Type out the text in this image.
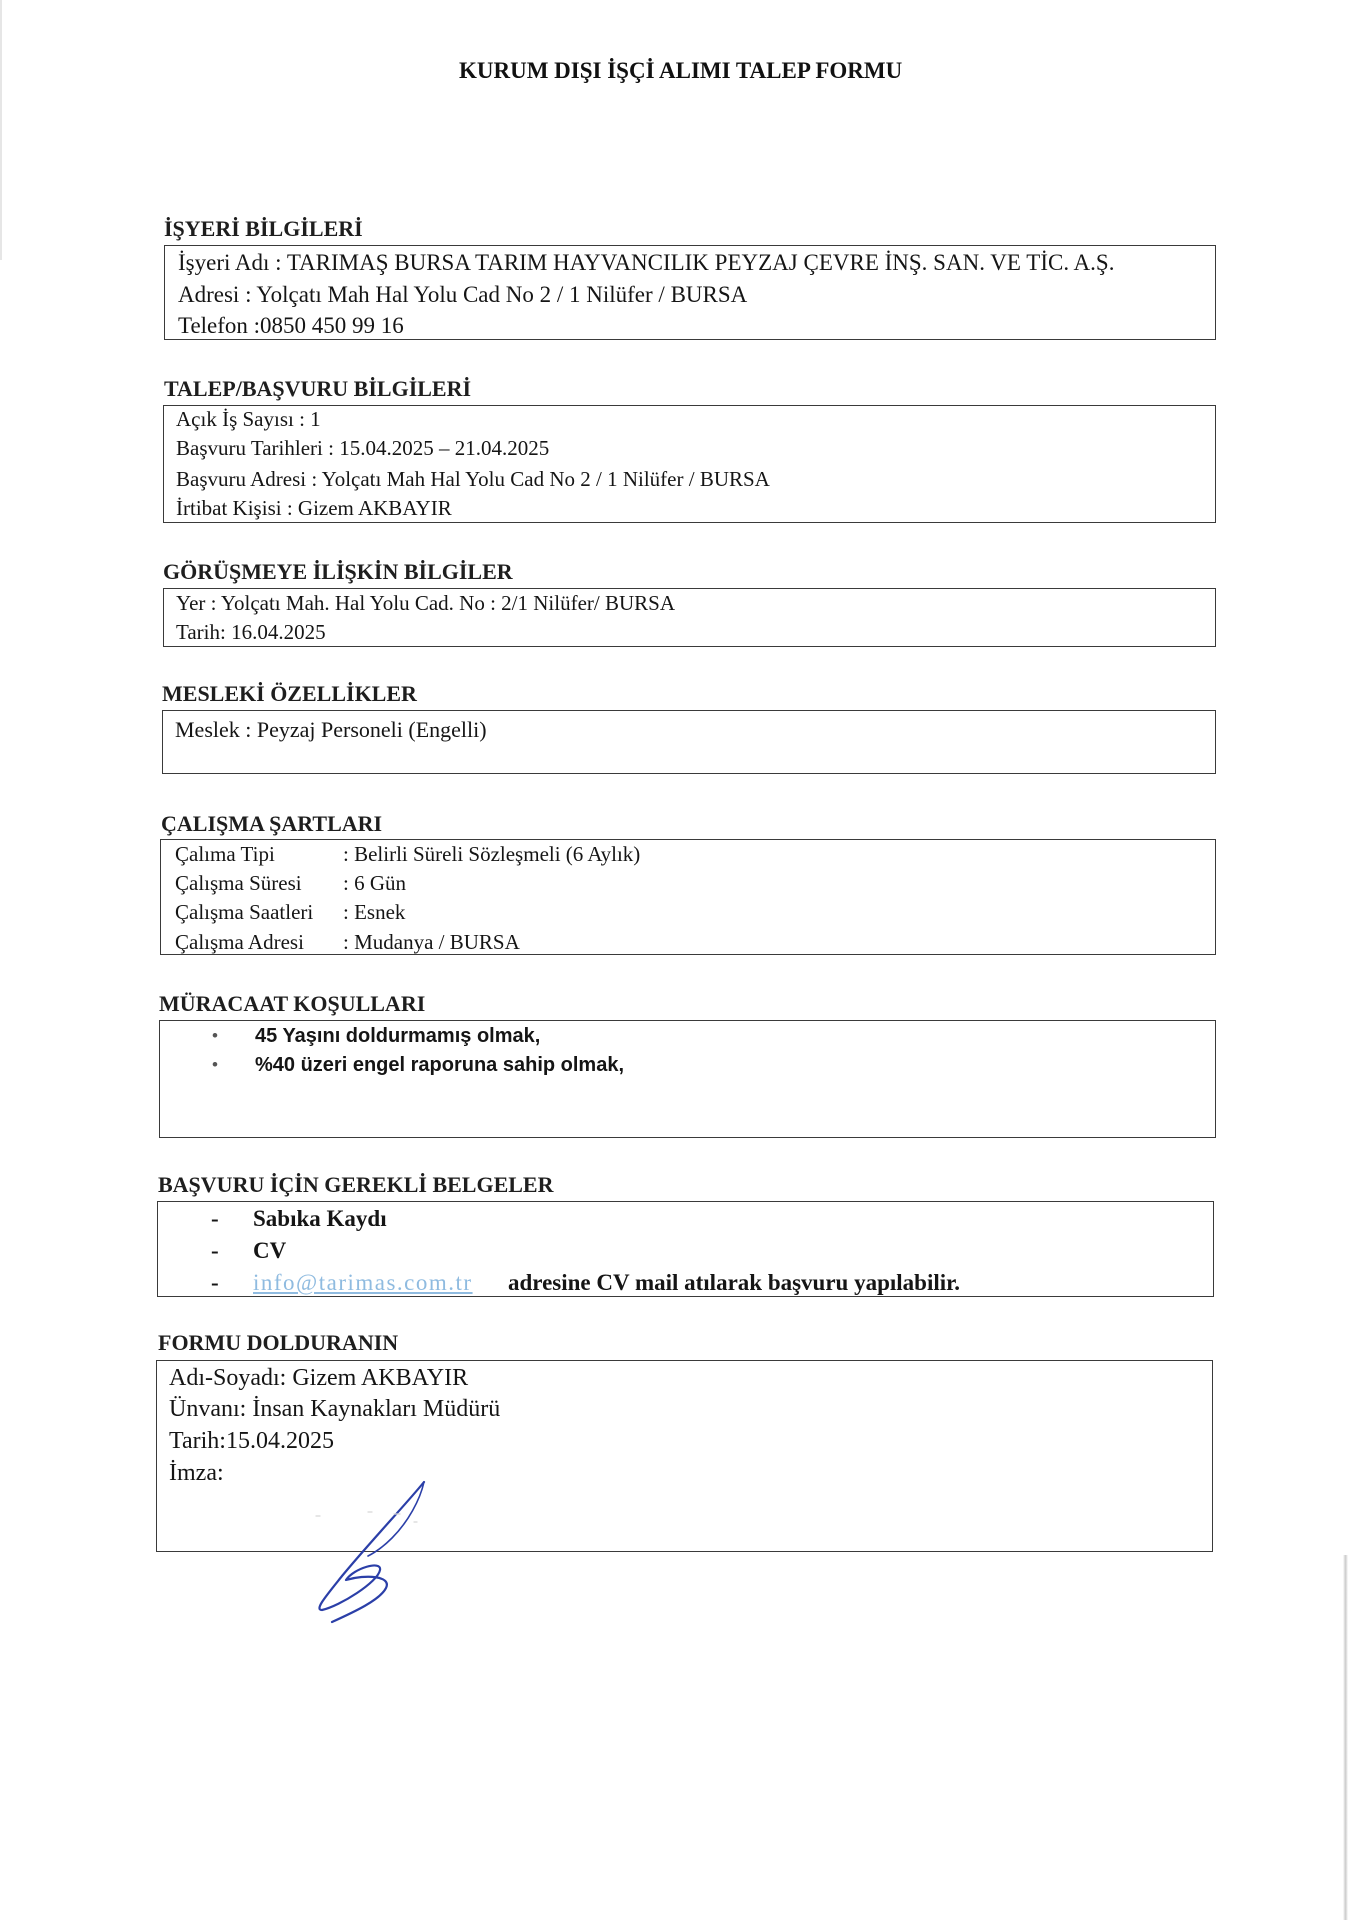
KURUM DIŞI İŞÇİ ALIMI TALEP FORMU
İŞYERİ BİLGİLERİ
İşyeri Adı : TARIMAŞ BURSA TARIM HAYVANCILIK PEYZAJ ÇEVRE İNŞ. SAN. VE TİC. A.Ş.
Adresi : Yolçatı Mah Hal Yolu Cad No 2 / 1 Nilüfer / BURSA
Telefon :0850 450 99 16
TALEP/BAŞVURU BİLGİLERİ
Açık İş Sayısı : 1
Başvuru Tarihleri : 15.04.2025 – 21.04.2025
Başvuru Adresi : Yolçatı Mah Hal Yolu Cad No 2 / 1 Nilüfer / BURSA
İrtibat Kişisi : Gizem AKBAYIR
GÖRÜŞMEYE İLİŞKİN BİLGİLER
Yer : Yolçatı Mah. Hal Yolu Cad. No : 2/1 Nilüfer/ BURSA
Tarih: 16.04.2025
MESLEKİ ÖZELLİKLER
Meslek : Peyzaj Personeli (Engelli)
ÇALIŞMA ŞARTLARI
Çalıma Tipi	: Belirli Süreli Sözleşmeli (6 Aylık)
Çalışma Süresi : 6 Gün
Çalışma Saatleri : Esnek
Çalışma Adresi : Mudanya / BURSA
MÜRACAAT KOŞULLARI
• 45 Yaşını doldurmamış olmak,
• %40 üzeri engel raporuna sahip olmak,
BAŞVURU İÇİN GEREKLİ BELGELER
- Sabıka Kaydı
- CV
- info@tarimas.com.tr adresine CV mail atılarak başvuru yapılabilir.
FORMU DOLDURANIN
Adı-Soyadı: Gizem AKBAYIR
Ünvanı: İnsan Kaynakları Müdürü
Tarih:15.04.2025
İmza:
